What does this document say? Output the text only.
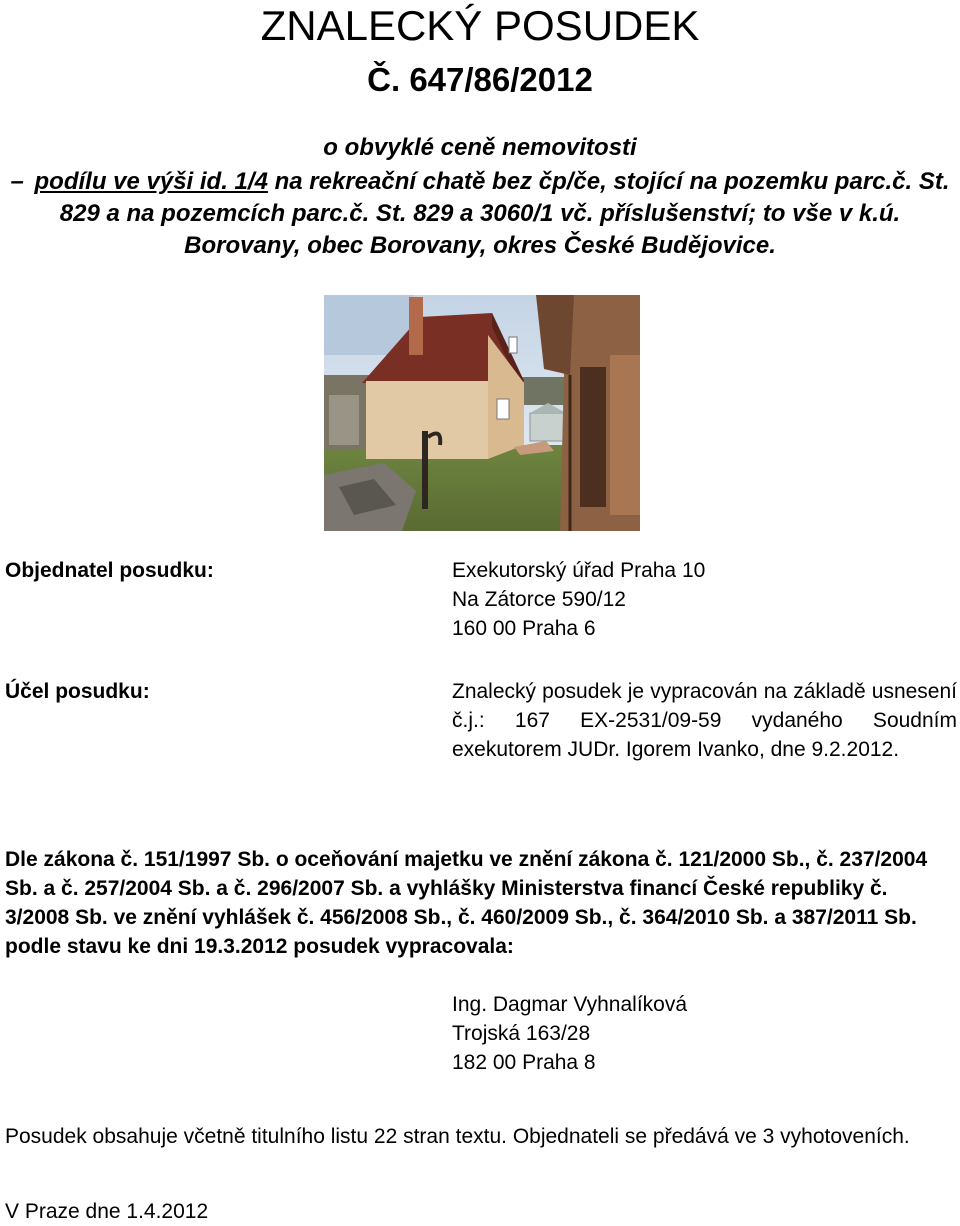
ZNALECKÝ POSUDEK
Č. 647/86/2012
o obvyklé ceně nemovitosti
– podílu ve výši id. 1/4 na rekreační chatě bez čp/če, stojící na pozemku parc.č. St. 829 a na pozemcích parc.č. St. 829 a 3060/1 vč. příslušenství; to vše v k.ú. Borovany, obec Borovany, okres České Budějovice.
Objednatel posudku:	Exekutorský úřad Praha 10
Na Zátorce 590/12
160 00 Praha 6
Účel posudku:	Znalecký posudek je vypracován na základě usnesení č.j.: 167 EX-2531/09-59 vydaného Soudním exekutorem JUDr. Igorem Ivanko, dne 9.2.2012.
Dle zákona č. 151/1997 Sb. o oceňování majetku ve znění zákona č. 121/2000 Sb., č. 237/2004 Sb. a č. 257/2004 Sb. a č. 296/2007 Sb. a vyhlášky Ministerstva financí České republiky č. 3/2008 Sb. ve znění vyhlášek č. 456/2008 Sb., č. 460/2009 Sb., č. 364/2010 Sb. a 387/2011 Sb. podle stavu ke dni 19.3.2012 posudek vypracovala:
Ing. Dagmar Vyhnalíková
Trojská 163/28
182 00 Praha 8
Posudek obsahuje včetně titulního listu 22 stran textu. Objednateli se předává ve 3 vyhotoveních.
V Praze dne 1.4.2012
